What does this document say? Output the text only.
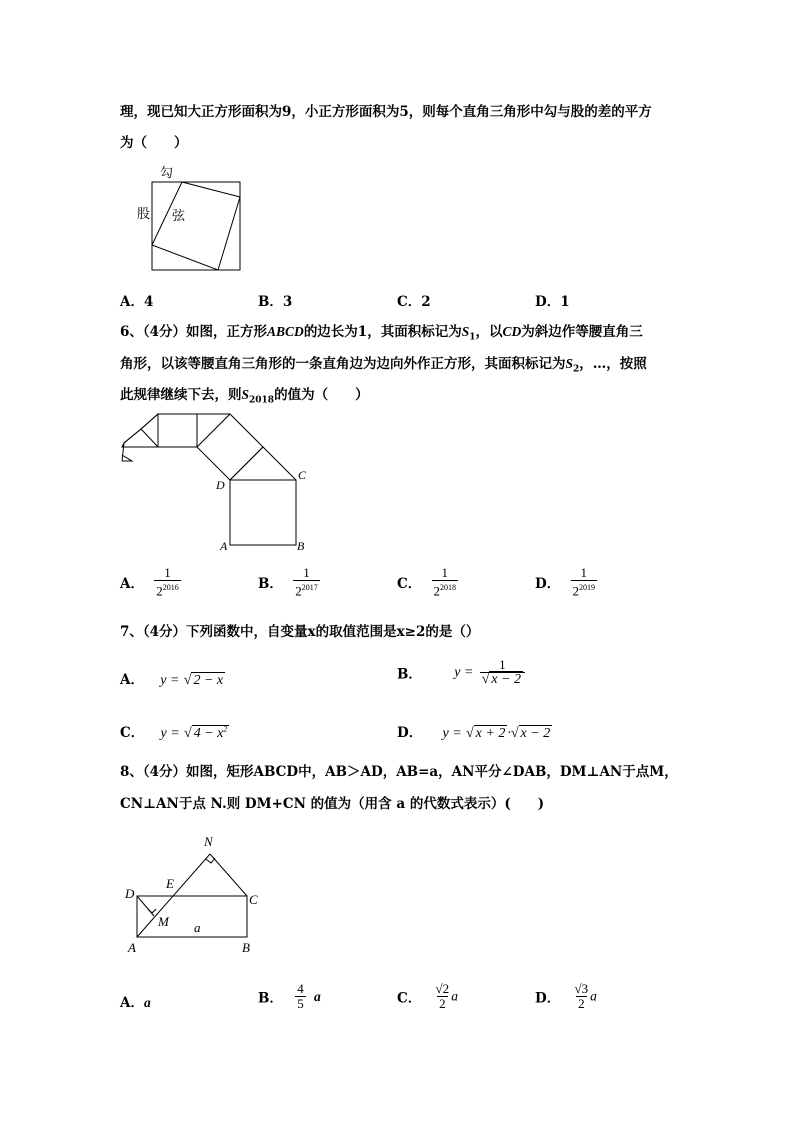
理，现已知大正方形面积为9，小正方形面积为5，则每个直角三角形中勾与股的差的平方
为（　　）
勾
股 弦
A．4	B．3	C．2	D．1
6、（4分）如图，正方形ABCD的边长为1，其面积标记为$S_1$，以CD为斜边作等腰直角三
角形，以该等腰直角三角形的一条直角边为边向外作正方形，其面积标记为$S_2$，…，按照
此规律继续下去，则$S_{2018}$的值为（　　）
D
C
A	B
A． $\frac{1}{2^{2016}}$	B． $\frac{1}{2^{2017}}$	C． $\frac{1}{2^{2018}}$	D． $\frac{1}{2^{2019}}$
7、（4分）下列函数中，自变量x的取值范围是x≥2的是（）
A． y = √ 2 − x	B． $y = \frac{1}{√ x - 2}$
C． y = √ $4 - x^2$	D． y = √ x + 2 ·√ x − 2
8、（4分）如图，矩形ABCD中，AB＞AD，AB=a，AN平分∠DAB，DM⊥AN于点M，
CN⊥AN于点 N.则 DM+CN 的值为（用含 a 的代数式表示）(　　)
N
E
D	C
M a
A	B
A．a	B． $\frac{4}{5}$ a	C． $\frac{√2}{2}$ a	D． $\frac{√3}{2}$ a
